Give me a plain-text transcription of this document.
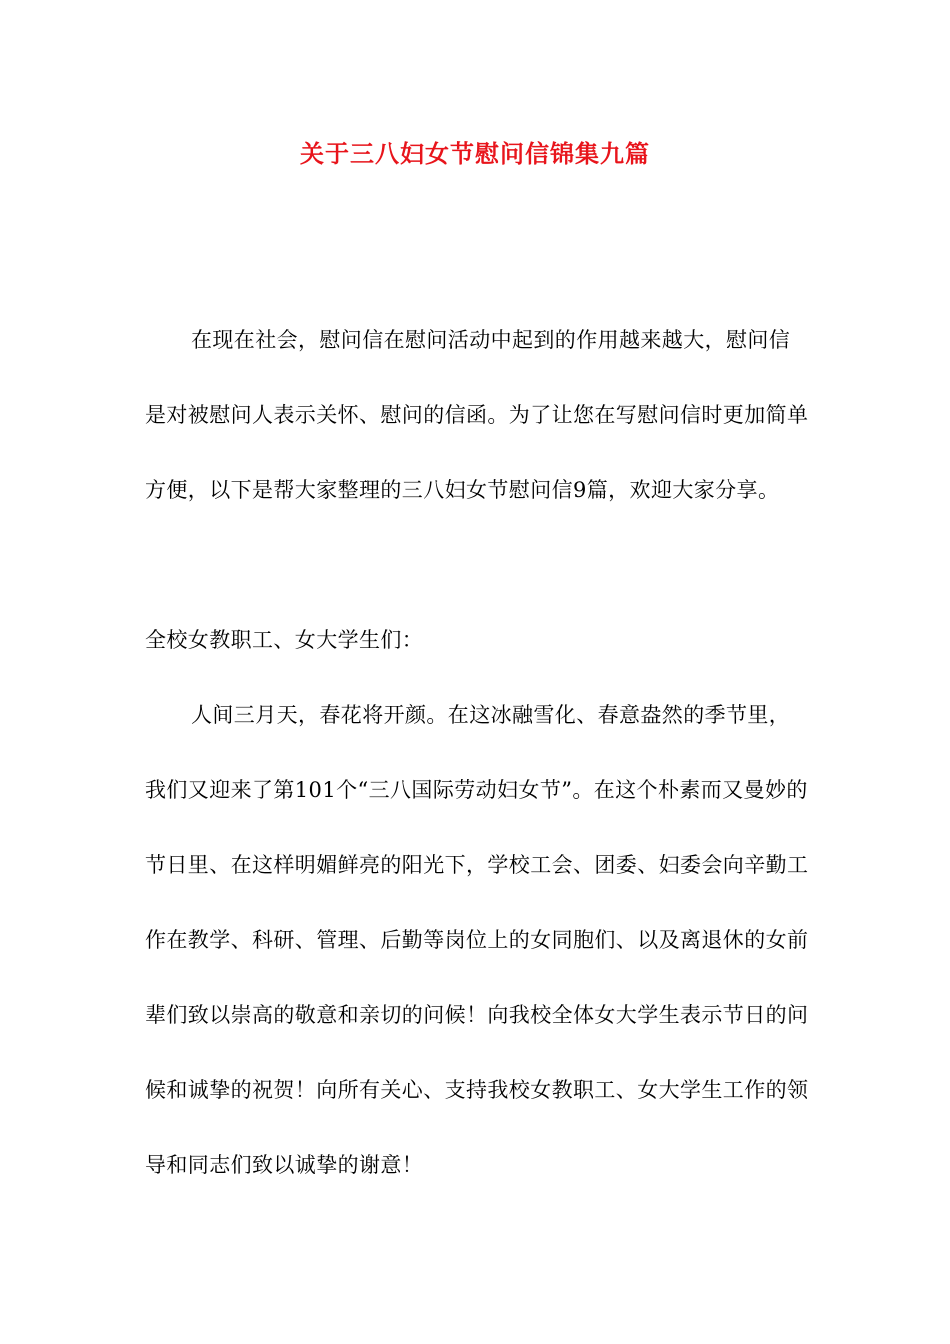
关于三八妇女节慰问信锦集九篇

在现在社会，慰问信在慰问活动中起到的作用越来越大，慰问信是对被慰问人表示关怀、慰问的信函。为了让您在写慰问信时更加简单方便，以下是帮大家整理的三八妇女节慰问信9篇，欢迎大家分享。

全校女教职工、女大学生们：

人间三月天，春花将开颜。在这冰融雪化、春意盎然的季节里，我们又迎来了第101个“三八国际劳动妇女节”。在这个朴素而又曼妙的节日里、在这样明媚鲜亮的阳光下，学校工会、团委、妇委会向辛勤工作在教学、科研、管理、后勤等岗位上的女同胞们、以及离退休的女前辈们致以崇高的敬意和亲切的问候！向我校全体女大学生表示节日的问候和诚挚的祝贺！向所有关心、支持我校女教职工、女大学生工作的领导和同志们致以诚挚的谢意！
